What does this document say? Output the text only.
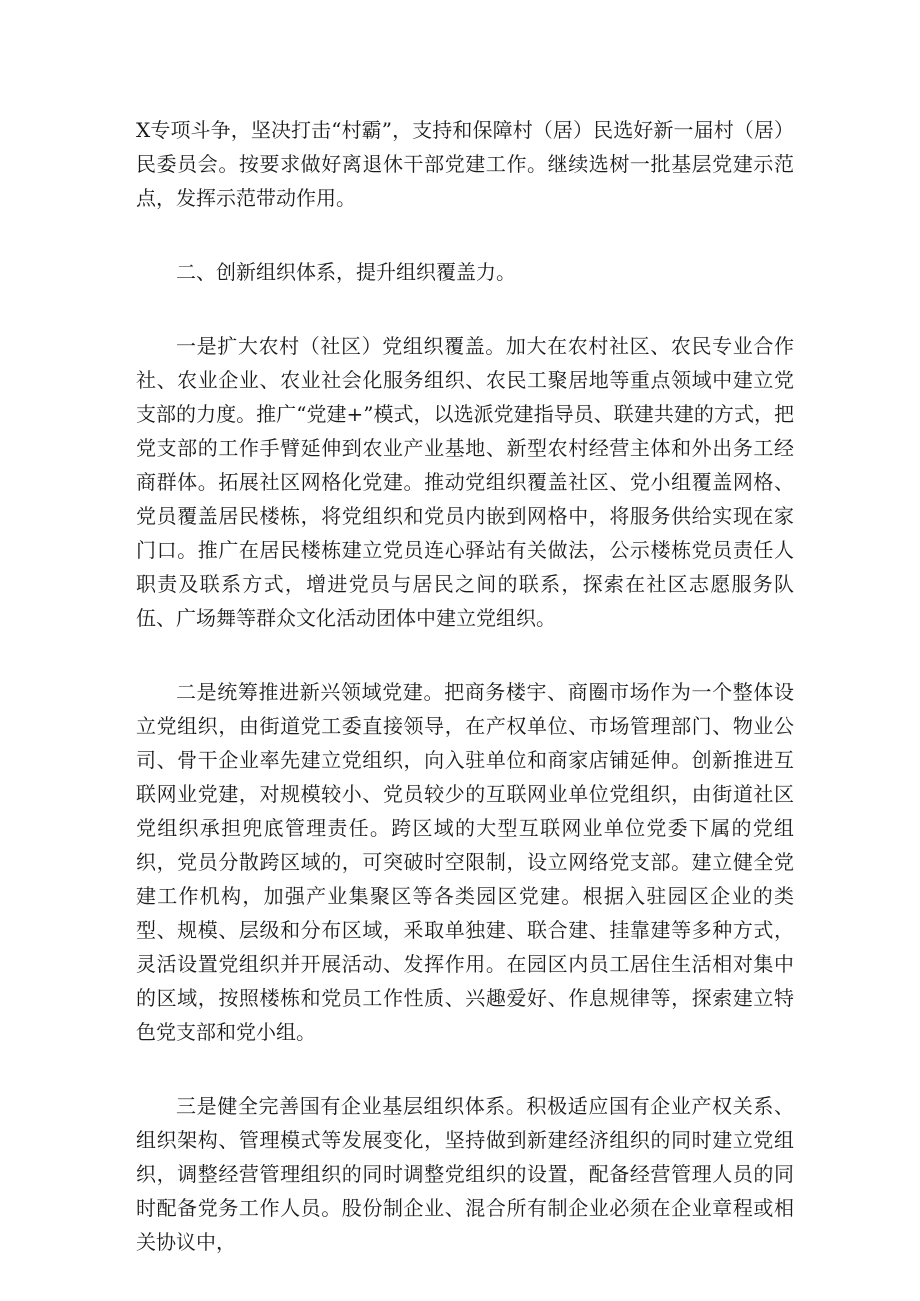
X专项斗争，坚决打击“村霸”，支持和保障村（居）民选好新一届村（居）民委员会。按要求做好离退休干部党建工作。继续选树一批基层党建示范点，发挥示范带动作用。

二、创新组织体系，提升组织覆盖力。

一是扩大农村（社区）党组织覆盖。加大在农村社区、农民专业合作社、农业企业、农业社会化服务组织、农民工聚居地等重点领域中建立党支部的力度。推广“党建+”模式，以选派党建指导员、联建共建的方式，把党支部的工作手臂延伸到农业产业基地、新型农村经营主体和外出务工经商群体。拓展社区网格化党建。推动党组织覆盖社区、党小组覆盖网格、党员覆盖居民楼栋，将党组织和党员内嵌到网格中，将服务供给实现在家门口。推广在居民楼栋建立党员连心驿站有关做法，公示楼栋党员责任人职责及联系方式，增进党员与居民之间的联系，探索在社区志愿服务队伍、广场舞等群众文化活动团体中建立党组织。

二是统筹推进新兴领域党建。把商务楼宇、商圈市场作为一个整体设立党组织，由街道党工委直接领导，在产权单位、市场管理部门、物业公司、骨干企业率先建立党组织，向入驻单位和商家店铺延伸。创新推进互联网业党建，对规模较小、党员较少的互联网业单位党组织，由街道社区党组织承担兜底管理责任。跨区域的大型互联网业单位党委下属的党组织，党员分散跨区域的，可突破时空限制，设立网络党支部。建立健全党建工作机构，加强产业集聚区等各类园区党建。根据入驻园区企业的类型、规模、层级和分布区域，釆取单独建、联合建、挂靠建等多种方式，灵活设置党组织并开展活动、发挥作用。在园区内员工居住生活相对集中的区域，按照楼栋和党员工作性质、兴趣爱好、作息规律等，探索建立特色党支部和党小组。

三是健全完善国有企业基层组织体系。积极适应国有企业产权关系、组织架构、管理模式等发展变化，坚持做到新建经济组织的同时建立党组织，调整经营管理组织的同时调整党组织的设置，配备经营管理人员的同时配备党务工作人员。股份制企业、混合所有制企业必须在企业章程或相关协议中，
